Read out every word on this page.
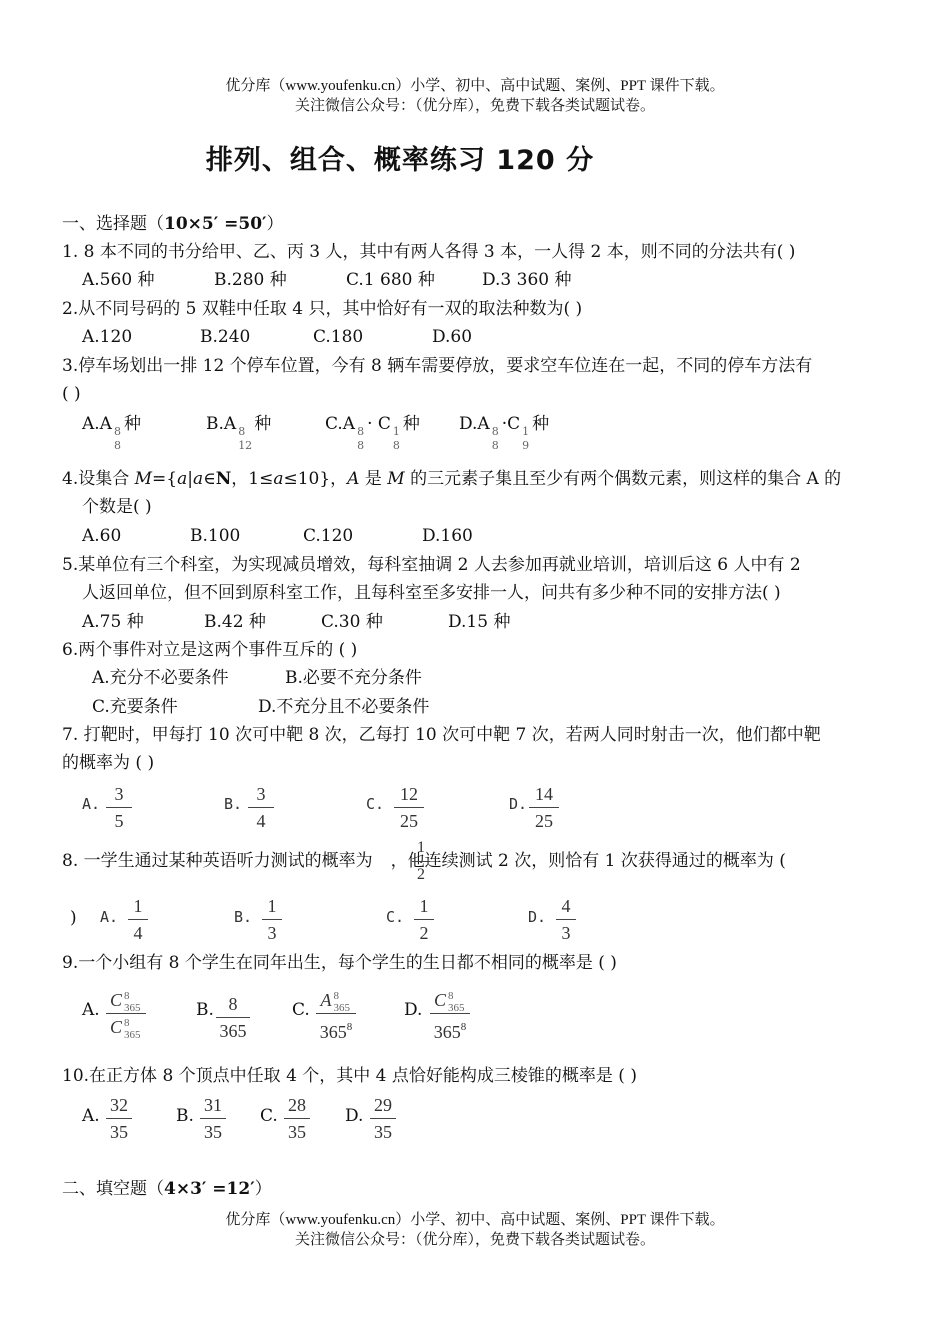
优分库（www.youfenku.cn）小学、初中、高中试题、案例、PPT 课件下载。
关注微信公众号：（优分库），免费下载各类试题试卷。
排列、组合、概率练习 120 分
一、选择题（10×5′ =50′）
1. 8 本不同的书分给甲、乙、丙 3 人，其中有两人各得 3 本，一人得 2 本，则不同的分法共有( )
A.560 种	B.280 种	C.1 680 种	D.3 360 种
2.从不同号码的 5 双鞋中任取 4 只，其中恰好有一双的取法种数为( )
A.120	B.240	C.180	D.60
3.停车场划出一排 12 个停车位置，今有 8 辆车需要停放，要求空车位连在一起，不同的停车方法有
( )
A.A 8
8
种	B.A 8
12
种	C.A 8
8
· C 1
8
种 D.A 8
8
·C 1
9
种
4.设集合 M={a|a∈N，1≤a≤10}，A 是 M 的三元素子集且至少有两个偶数元素，则这样的集合 A 的
个数是( )
A.60	B.100	C.120	D.160
5.某单位有三个科室，为实现减员增效，每科室抽调 2 人去参加再就业培训，培训后这 6 人中有 2
人返回单位，但不回到原科室工作，且每科室至多安排一人，问共有多少种不同的安排方法( )
A.75 种	B.42 种	C.30 种	D.15 种
6.两个事件对立是这两个事件互斥的 ( )
A.充分不必要条件	B.必要不充分条件
C.充要条件	D.不充分且不必要条件
7. 打靶时，甲每打 10 次可中靶 8 次，乙每打 10 次可中靶 7 次，若两人同时射击一次，他们都中靶
的概率为 ( )
A. 3
5
B. 3
4
C. 12
25
D. 14
25
8. 一学生通过某种英语听力测试的概率为 ，他连续测试 2 次，则恰有 1 次获得通过的概率为 (
1
2
) A.
1
4
B.
1
3
C.
1
2
D.
4
3
9.一个小组有 8 个学生在同年出生，每个学生的生日都不相同的概率是 ( )
A. C 8
365
C 8
365
B. 8
365
C. A 8
365
$365^8$
D. C 8
365
$365^8$
10.在正方体 8 个顶点中任取 4 个，其中 4 点恰好能构成三棱锥的概率是 ( )
A.
32
35
B.
31
35
C.
28
35
D.
29
35
二、填空题（4×3′ =12′）
优分库（www.youfenku.cn）小学、初中、高中试题、案例、PPT 课件下载。
关注微信公众号：（优分库），免费下载各类试题试卷。
